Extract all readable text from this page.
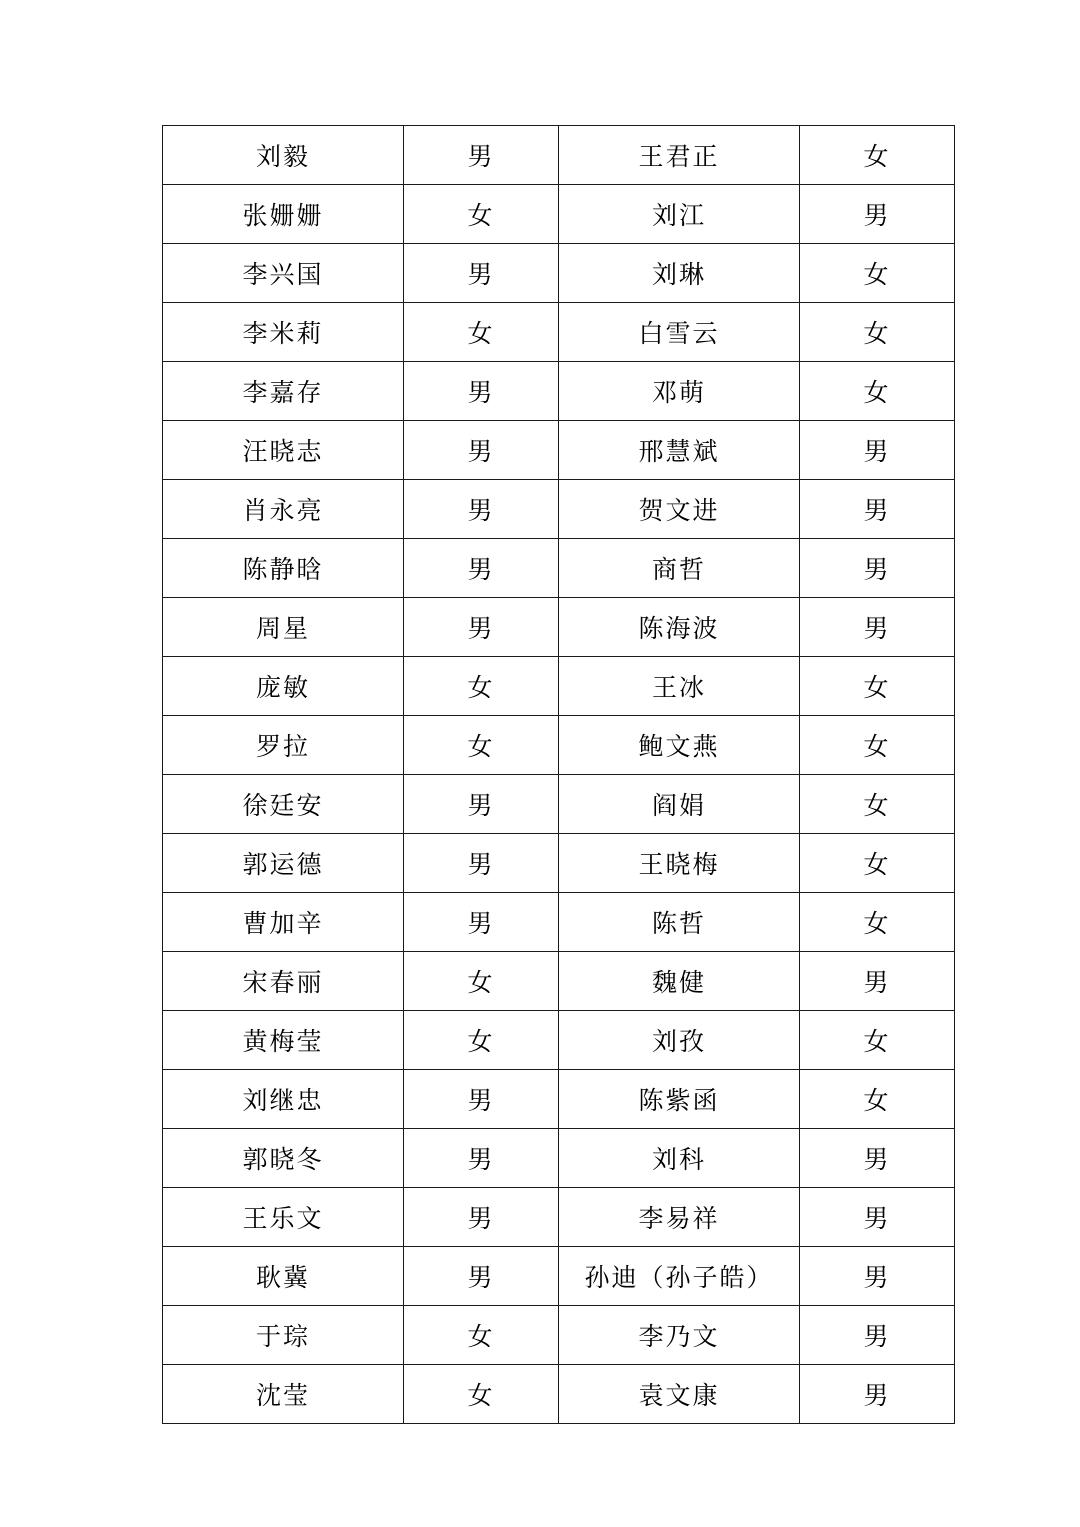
刘毅	男	王君正	女
张姗姗	女	刘江	男
李兴国	男	刘琳	女
李米莉	女	白雪云	女
李嘉存	男	邓萌	女
汪晓志	男	邢慧斌	男
肖永亮	男	贺文进	男
陈静晗	男	商哲	男
周星	男	陈海波	男
庞敏	女	王冰	女
罗拉	女	鲍文燕	女
徐廷安	男	阎娟	女
郭运德	男	王晓梅	女
曹加辛	男	陈哲	女
宋春丽	女	魏健	男
黄梅莹	女	刘孜	女
刘继忠	男	陈紫函	女
郭晓冬	男	刘科	男
王乐文	男	李易祥	男
耿冀	男	孙迪（孙子皓）	男
于琮	女	李乃文	男
沈莹	女	袁文康	男
